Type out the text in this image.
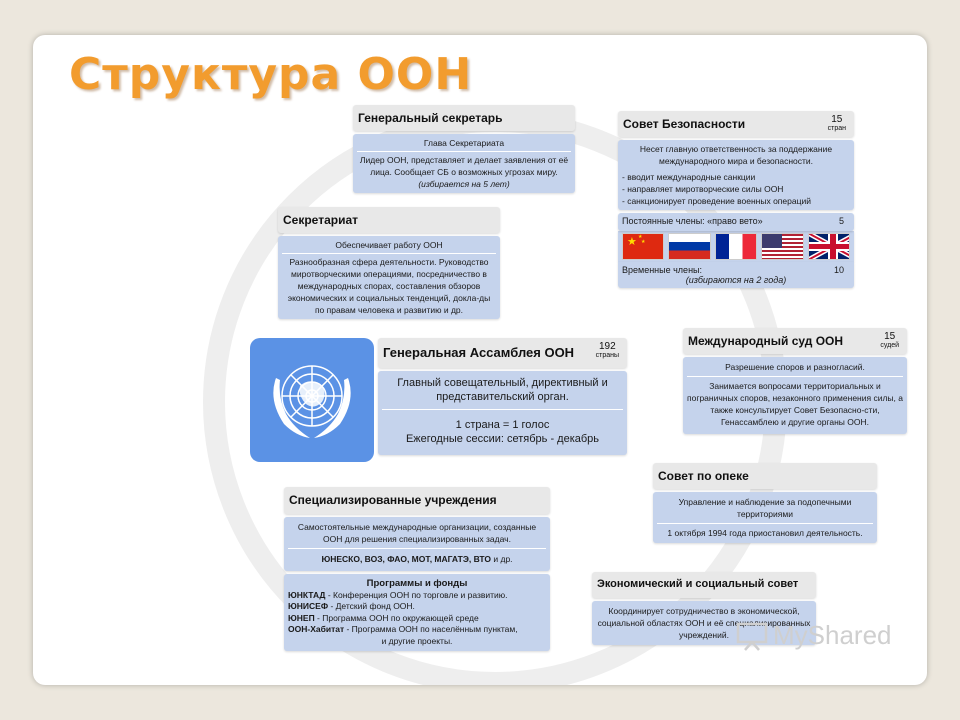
Структура ООН
Генеральный секретарь
Глава Секретариата
Лидер ООН, представляет и делает заявления от её лица. Сообщает СБ о возможных угрозах миру.
(избирается на 5 лет)
Секретариат
Обеспечивает работу ООН
Разнообразная сфера деятельности. Руководство миротворческими операциями, посредничество в международных спорах, составления обзоров экономических и социальных тенденций, докла-ды по правам человека и развитию и др.
Совет Безопасности	15
стран
Несет главную ответственность за поддержание международного мира и безопасности.
- вводит международные санкции
- направляет миротворческие силы ООН
- санкционирует проведение военных операций
Постоянные члены: «право вето»	5
★ ★
★
Временные члены:	10
(избираются на 2 года)
Генеральная Ассамблея ООН	192
страны
Главный совещательный, директивный и представительский орган.
1 страна = 1 голос
Ежегодные сессии: сетябрь - декабрь
Международный суд ООН	15
судей
Разрешение споров и разногласий.
Занимается вопросами территориальных и пограничных споров, незаконного применения силы, а также консультирует Совет Безопаснo-сти, Генассамблею и другие органы ООН.
Совет по опеке
Управление и наблюдение за подопечными территориями
1 октября 1994 года приостановил деятельность.
Специализированные учреждения
Самостоятельные международные организации, созданные ООН для решения специализированных задач.
ЮНЕСКО, ВОЗ, ФАО, МОТ, МАГАТЭ, ВТО и др.
Программы и фонды
ЮНКТАД - Конференция ООН по торговле и развитию.
ЮНИСЕФ - Детский фонд ООН.
ЮНЕП - Программа ООН по окружающей среде
ООН-Хабитат - Программа ООН по населённым пунктам,
и другие проекты.
Экономический и социальный совет
Координирует сотрудничество в экономической, социальной областях ООН и её специализированных учреждений.	My Shared
